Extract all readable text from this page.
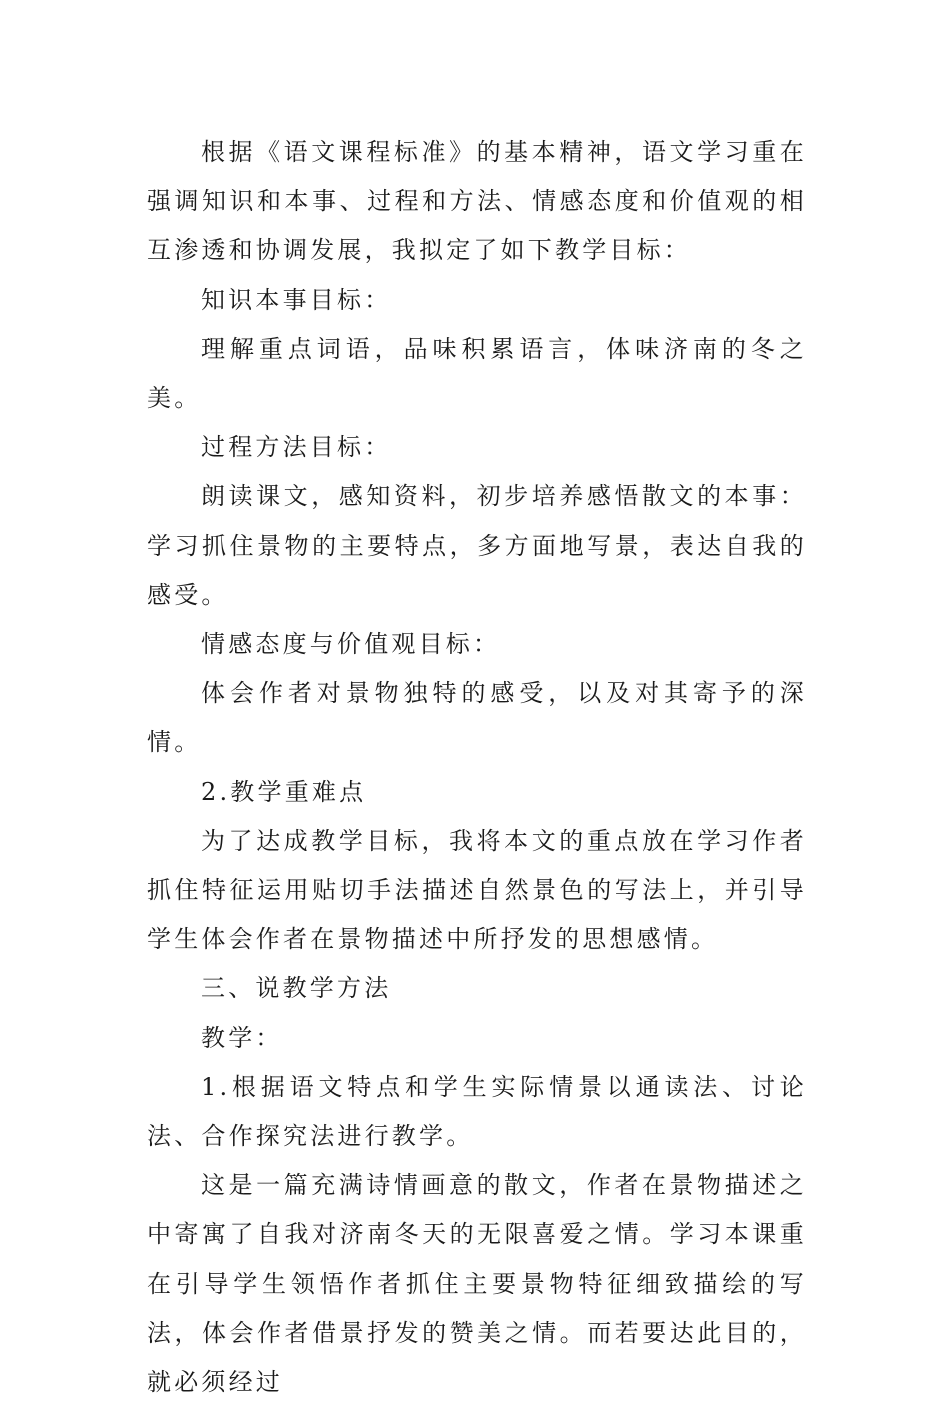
根据《语文课程标准》的基本精神，语文学习重在强调知识和本事、过程和方法、情感态度和价值观的相互渗透和协调发展，我拟定了如下教学目标：

知识本事目标：

理解重点词语，品味积累语言，体味济南的冬之美。

过程方法目标：

朗读课文，感知资料，初步培养感悟散文的本事：学习抓住景物的主要特点，多方面地写景，表达自我的感受。

情感态度与价值观目标：

体会作者对景物独特的感受，以及对其寄予的深情。

2.教学重难点

为了达成教学目标，我将本文的重点放在学习作者抓住特征运用贴切手法描述自然景色的写法上，并引导学生体会作者在景物描述中所抒发的思想感情。

三、说教学方法

教学：

1.根据语文特点和学生实际情景以通读法、讨论法、合作探究法进行教学。

这是一篇充满诗情画意的散文，作者在景物描述之中寄寓了自我对济南冬天的无限喜爱之情。学习本课重在引导学生领悟作者抓住主要景物特征细致描绘的写法，体会作者借景抒发的赞美之情。而若要达此目的，就必须经过
